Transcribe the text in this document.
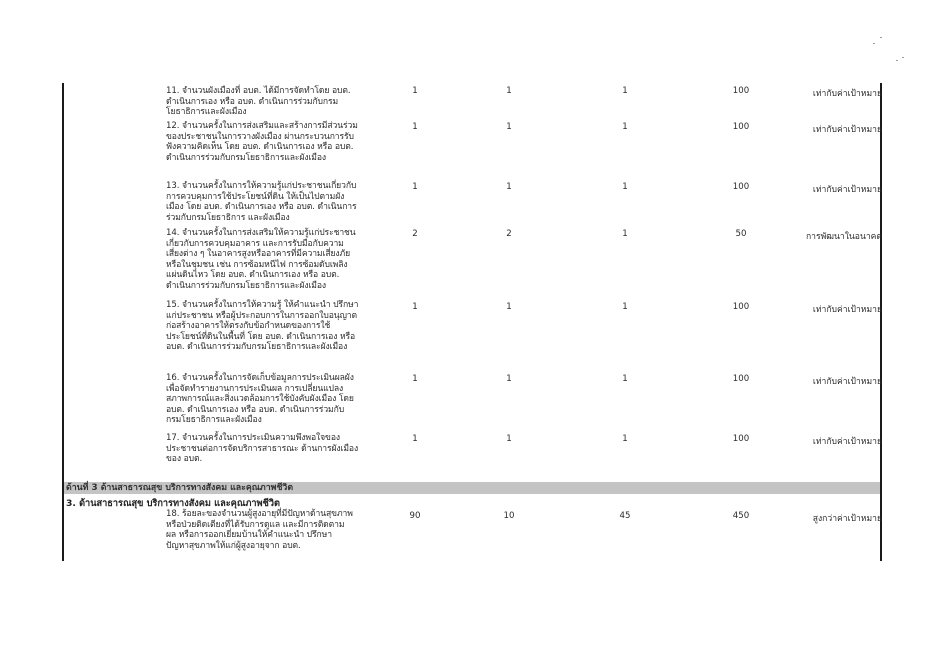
11. จำนวนผังเมืองที่ อบต. ได้มีการจัดทำโดย อบต.
ดำเนินการเอง หรือ อบต. ดำเนินการร่วมกับกรม
โยธาธิการและผังเมือง
1	1	1	100	เท่ากับค่าเป้าหมาย
12. จำนวนครั้งในการส่งเสริมและสร้างการมีส่วนร่วม
ของประชาชนในการวางผังเมือง ผ่านกระบวนการรับ
ฟังความคิดเห็น โดย อบต. ดำเนินการเอง หรือ อบต.
ดำเนินการร่วมกับกรมโยธาธิการและผังเมือง
1	1	1	100	เท่ากับค่าเป้าหมาย
13. จำนวนครั้งในการให้ความรู้แก่ประชาชนเกี่ยวกับ
การควบคุมการใช้ประโยชน์ที่ดิน ให้เป็นไปตามผัง
เมือง โดย อบต. ดำเนินการเอง หรือ อบต. ดำเนินการ
ร่วมกับกรมโยธาธิการ และผังเมือง
1	1	1	100	เท่ากับค่าเป้าหมาย
14. จำนวนครั้งในการส่งเสริมให้ความรู้แก่ประชาชน
เกี่ยวกับการควบคุมอาคาร และการรับมือกับความ
เสี่ยงต่าง ๆ ในอาคารสูงหรืออาคารที่มีความเสี่ยงภัย
หรือในชุมชน เช่น การซ้อมหนีไฟ การซ้อมดับเพลิง
แผ่นดินไหว โดย อบต. ดำเนินการเอง หรือ อบต.
ดำเนินการร่วมกับกรมโยธาธิการและผังเมือง
2	2	1	50	การพัฒนาในอนาคต
15. จำนวนครั้งในการให้ความรู้ ให้คำแนะนำ ปรึกษา
แก่ประชาชน หรือผู้ประกอบการในการออกใบอนุญาต
ก่อสร้างอาคารให้ตรงกับข้อกำหนดของการใช้
ประโยชน์ที่ดินในพื้นที่ โดย อบต. ดำเนินการเอง หรือ
อบต. ดำเนินการร่วมกับกรมโยธาธิการและผังเมือง
1	1	1	100	เท่ากับค่าเป้าหมาย
16. จำนวนครั้งในการจัดเก็บข้อมูลการประเมินผลผัง
เพื่อจัดทำรายงานการประเมินผล การเปลี่ยนแปลง
สภาพการณ์และสิ่งแวดล้อมการใช้บังคับผังเมือง โดย
อบต. ดำเนินการเอง หรือ อบต. ดำเนินการร่วมกับ
กรมโยธาธิการและผังเมือง
1	1	1	100	เท่ากับค่าเป้าหมาย
17. จำนวนครั้งในการประเมินความพึงพอใจของ
ประชาชนต่อการจัดบริการสาธารณะ ด้านการผังเมือง
ของ อบต.
1	1	1	100	เท่ากับค่าเป้าหมาย
ด้านที่ 3 ด้านสาธารณสุข บริการทางสังคม และคุณภาพชีวิต
3. ด้านสาธารณสุข บริการทางสังคม และคุณภาพชีวิต
18. ร้อยละของจำนวนผู้สูงอายุที่มีปัญหาด้านสุขภาพ
หรือป่วยติดเตียงที่ได้รับการดูแล และมีการติดตาม
ผล หรือการออกเยี่ยมบ้านให้คำแนะนำ ปรึกษา
ปัญหาสุขภาพให้แก่ผู้สูงอายุจาก อบต.
90	10	45	450	สูงกว่าค่าเป้าหมาย
